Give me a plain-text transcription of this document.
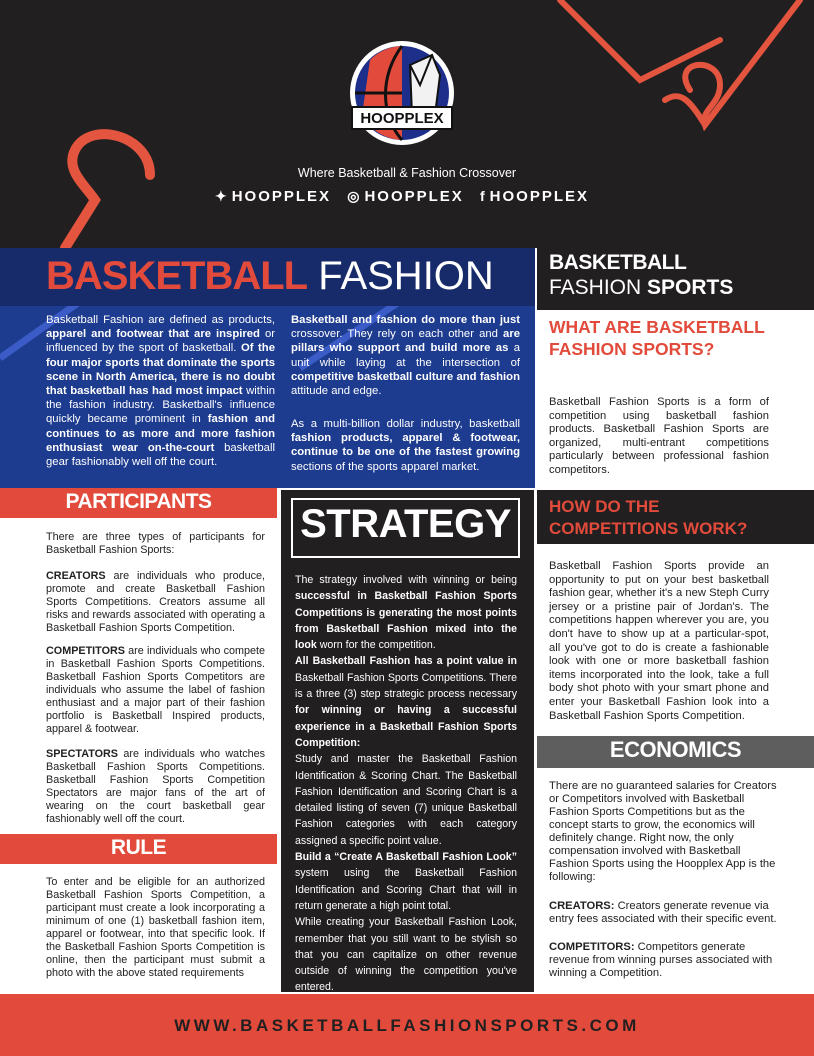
HOOPPLEX
Where Basketball & Fashion Crossover
✦ HOOPPLEX ◎ HOOPPLEX f HOOPPLEX
BASKETBALL FASHION
Basketball Fashion are defined as products, apparel and footwear that are inspired or influenced by the sport of basketball. Of the four major sports that dominate the sports scene in North America, there is no doubt that basketball has had most impact within the fashion industry. Basketball's influence quickly became prominent in fashion and continues to as more and more fashion enthusiast wear on-the-court basketball gear fashionably well off the court.
Basketball and fashion do more than just crossover. They rely on each other and are pillars who support and build more as a unit while laying at the intersection of competitive basketball culture and fashion attitude and edge.
As a multi-billion dollar industry, basketball fashion products, apparel & footwear, continue to be one of the fastest growing sections of the sports apparel market.
BASKETBALL
FASHION SPORTS
WHAT ARE BASKETBALL FASHION SPORTS?
Basketball Fashion Sports is a form of competition using basketball fashion products. Basketball Fashion Sports are organized, multi-entrant competitions particularly between professional fashion competitors.
HOW DO THE
COMPETITIONS WORK?
Basketball Fashion Sports provide an opportunity to put on your best basketball fashion gear, whether it's a new Steph Curry jersey or a pristine pair of Jordan's. The competitions happen wherever you are, you don't have to show up at a particular-spot, all you've got to do is create a fashionable look with one or more basketball fashion items incorporated into the look, take a full body shot photo with your smart phone and enter your Basketball Fashion look into a Basketball Fashion Sports Competition.
ECONOMICS
There are no guaranteed salaries for Creators or Competitors involved with Basketball Fashion Sports Competitions but as the concept starts to grow, the economics will definitely change. Right now, the only compensation involved with Basketball Fashion Sports using the Hoopplex App is the following:
CREATORS: Creators generate revenue via entry fees associated with their specific event.
COMPETITORS: Competitors generate revenue from winning purses associated with winning a Competition.
PARTICIPANTS
There are three types of participants for Basketball Fashion Sports:
CREATORS are individuals who produce, promote and create Basketball Fashion Sports Competitions. Creators assume all risks and rewards associated with operating a Basketball Fashion Sports Competition.
COMPETITORS are individuals who compete in Basketball Fashion Sports Competitions. Basketball Fashion Sports Competitors are individuals who assume the label of fashion enthusiast and a major part of their fashion portfolio is Basketball Inspired products, apparel & footwear.
SPECTATORS are individuals who watches Basketball Fashion Sports Competitions. Basketball Fashion Sports Competition Spectators are major fans of the art of wearing on the court basketball gear fashionably well off the court.
RULE
To enter and be eligible for an authorized Basketball Fashion Sports Competition, a participant must create a look incorporating a minimum of one (1) basketball fashion item, apparel or footwear, into that specific look. If the Basketball Fashion Sports Competition is online, then the participant must submit a photo with the above stated requirements
STRATEGY
The strategy involved with winning or being successful in Basketball Fashion Sports Competitions is generating the most points from Basketball Fashion mixed into the look worn for the competition.
All Basketball Fashion has a point value in Basketball Fashion Sports Competitions. There is a three (3) step strategic process necessary for winning or having a successful experience in a Basketball Fashion Sports Competition:
Study and master the Basketball Fashion Identification & Scoring Chart. The Basketball Fashion Identification and Scoring Chart is a detailed listing of seven (7) unique Basketball Fashion categories with each category assigned a specific point value.
Build a “Create A Basketball Fashion Look” system using the Basketball Fashion Identification and Scoring Chart that will in return generate a high point total.
While creating your Basketball Fashion Look, remember that you still want to be stylish so that you can capitalize on other revenue outside of winning the competition you've entered.
WWW.BASKETBALLFASHIONSPORTS.COM
